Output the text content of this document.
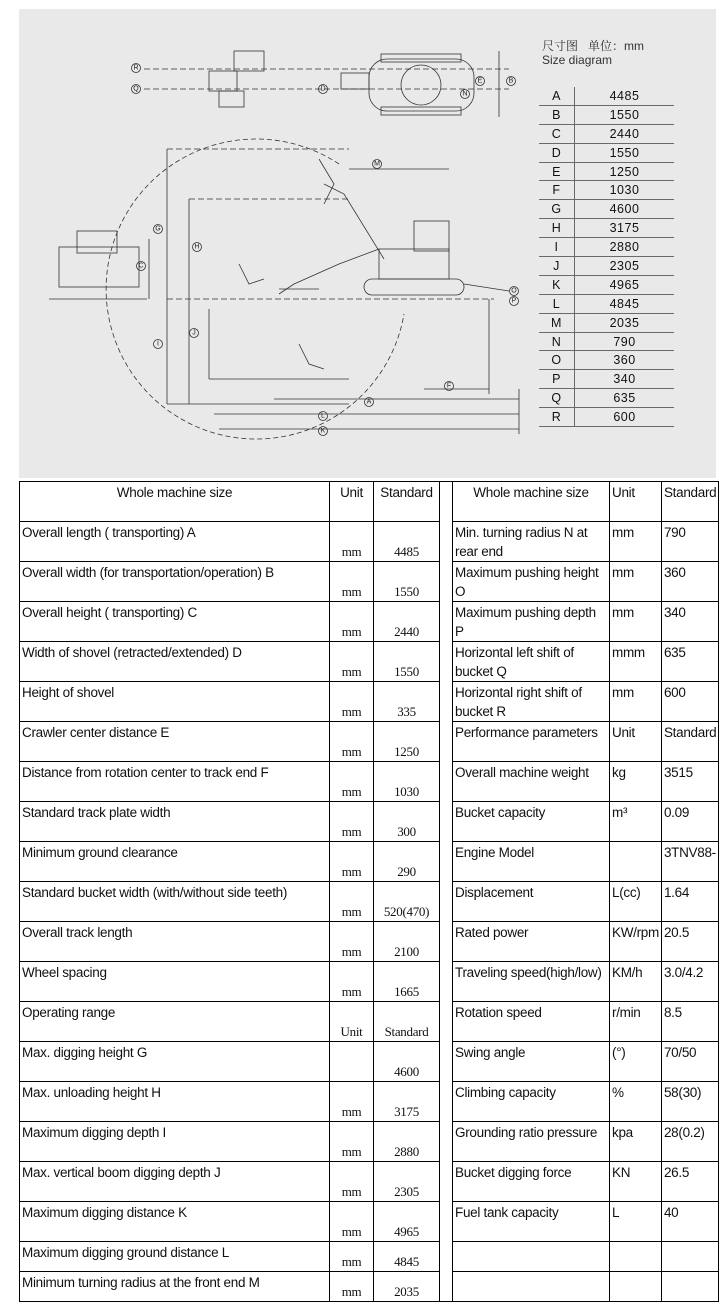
R
Q	D
E
N
B
M
G
H
C
O
P
J
I
F
A
L
K
尺寸图 单位：mm
Size diagram
A	4485
B	1550
C	2440
D	1550
E	1250
F	1030
G	4600
H	3175
I	2880
J	2305
K	4965
L	4845
M	2035
N	790
O	360
P	340
Q	635
R	600
Whole machine size	Unit	Standard		Whole machine size	Unit	Standard
Overall length ( transporting) A	mm	4485		Min. turning radius N at rear end	mm	790
Overall width (for transportation/operation) B	mm	1550		Maximum pushing height O	mm	360
Overall height ( transporting) C	mm	2440		Maximum pushing depth P	mm	340
Width of shovel (retracted/extended) D	mm	1550		Horizontal left shift of bucket Q	mmm	635
Height of shovel	mm	335		Horizontal right shift of bucket R	mm	600
Crawler center distance E	mm	1250		Performance parameters	Unit	Standard
Distance from rotation center to track end F	mm	1030		Overall machine weight	kg	3515
Standard track plate width	mm	300		Bucket capacity	m³	0.09
Minimum ground clearance	mm	290		Engine Model		3TNV88-
Standard bucket width (with/without side teeth)	mm	520(470)		Displacement	L(cc)	1.64
Overall track length	mm	2100		Rated power	KW/rpm	20.5
Wheel spacing	mm	1665		Traveling speed(high/low)	KM/h	3.0/4.2
Operating range	Unit	Standard		Rotation speed	r/min	8.5
Max. digging height G		4600		Swing angle	(°)	70/50
Max. unloading height H	mm	3175		Climbing capacity	%	58(30)
Maximum digging depth I	mm	2880		Grounding ratio pressure	kpa	28(0.2)
Max. vertical boom digging depth J	mm	2305		Bucket digging force	KN	26.5
Maximum digging distance K	mm	4965		Fuel tank capacity	L	40
Maximum digging ground distance L	mm	4845				
Minimum turning radius at the front end M	mm	2035				
